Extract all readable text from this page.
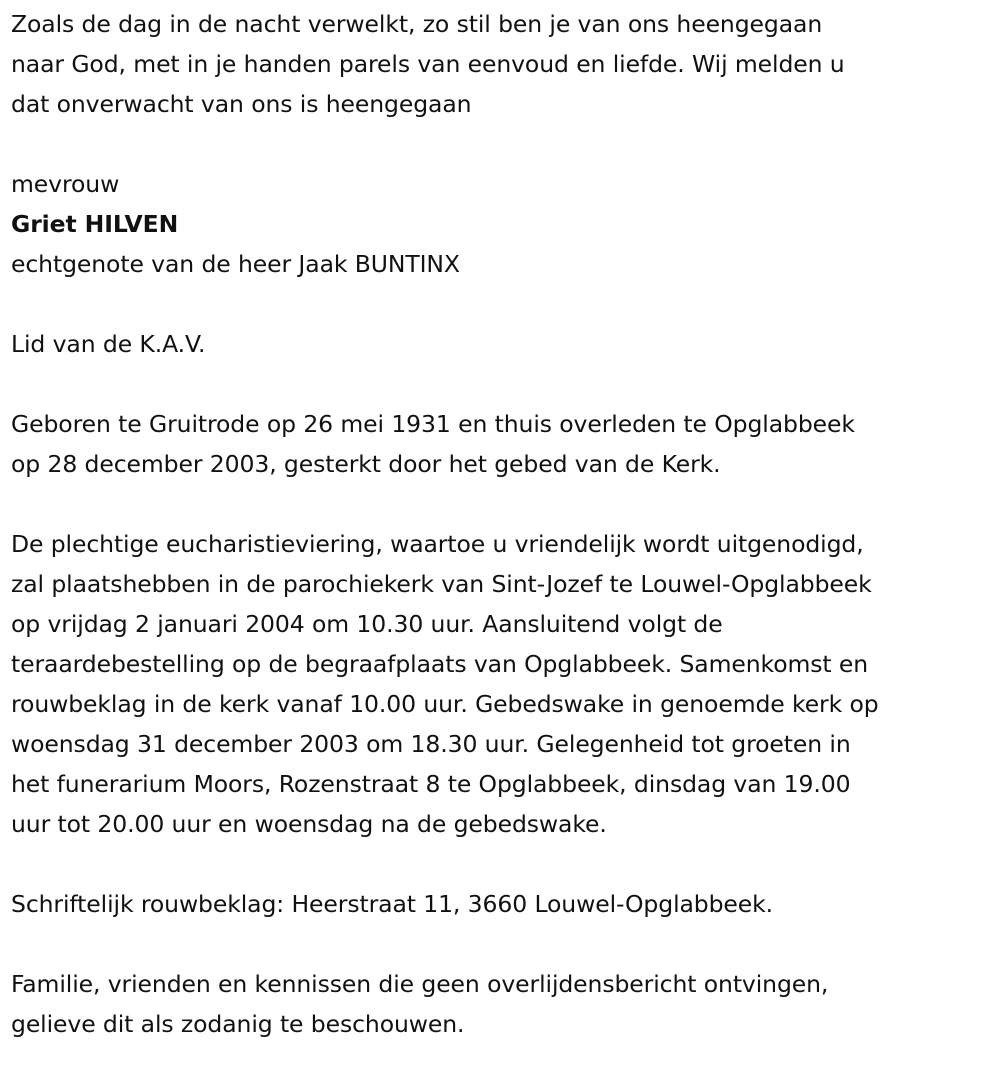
Zoals de dag in de nacht verwelkt, zo stil ben je van ons heengegaan
naar God, met in je handen parels van eenvoud en liefde. Wij melden u
dat onverwacht van ons is heengegaan
mevrouw
Griet HILVEN
echtgenote van de heer Jaak BUNTINX
Lid van de K.A.V.
Geboren te Gruitrode op 26 mei 1931 en thuis overleden te Opglabbeek
op 28 december 2003, gesterkt door het gebed van de Kerk.
De plechtige eucharistieviering, waartoe u vriendelijk wordt uitgenodigd,
zal plaatshebben in de parochiekerk van Sint-Jozef te Louwel-Opglabbeek
op vrijdag 2 januari 2004 om 10.30 uur. Aansluitend volgt de
teraardebestelling op de begraafplaats van Opglabbeek. Samenkomst en
rouwbeklag in de kerk vanaf 10.00 uur. Gebedswake in genoemde kerk op
woensdag 31 december 2003 om 18.30 uur. Gelegenheid tot groeten in
het funerarium Moors, Rozenstraat 8 te Opglabbeek, dinsdag van 19.00
uur tot 20.00 uur en woensdag na de gebedswake.
Schriftelijk rouwbeklag: Heerstraat 11, 3660 Louwel-Opglabbeek.
Familie, vrienden en kennissen die geen overlijdensbericht ontvingen,
gelieve dit als zodanig te beschouwen.
